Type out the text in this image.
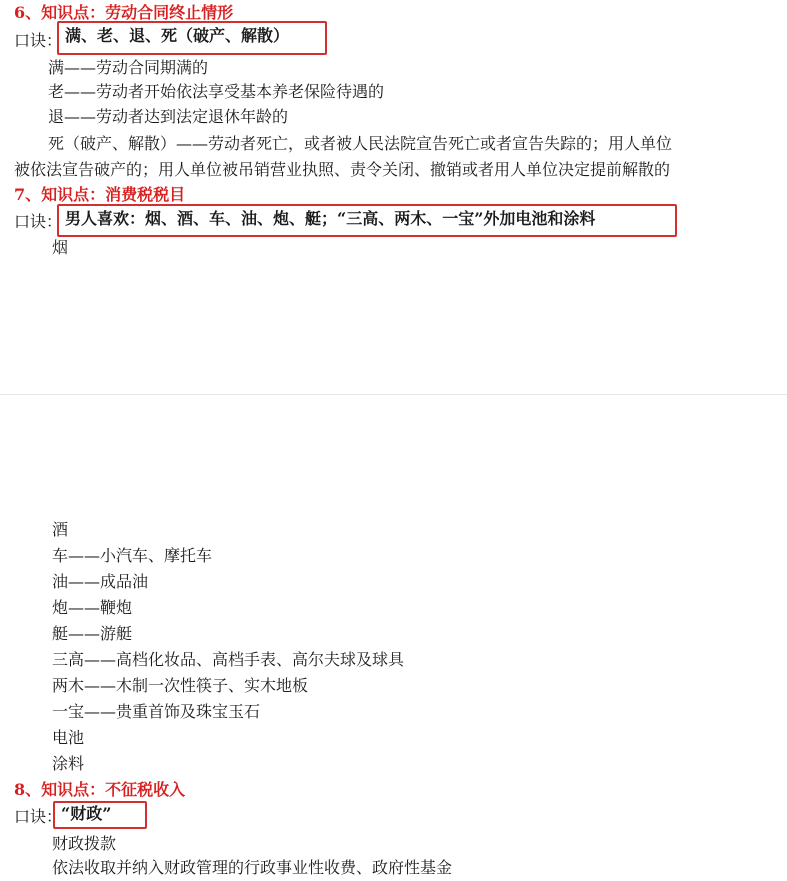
6、知识点：劳动合同终止情形
口诀： 满、老、退、死（破产、解散）
满——劳动合同期满的
老——劳动者开始依法享受基本养老保险待遇的
退——劳动者达到法定退休年龄的
死（破产、解散）——劳动者死亡，或者被人民法院宣告死亡或者宣告失踪的；用人单位
被依法宣告破产的；用人单位被吊销营业执照、责令关闭、撤销或者用人单位决定提前解散的
7、知识点：消费税税目
口诀： 男人喜欢：烟、酒、车、油、炮、艇；“三高、两木、一宝”外加电池和涂料
烟
酒
车——小汽车、摩托车
油——成品油
炮——鞭炮
艇——游艇
三高——高档化妆品、高档手表、高尔夫球及球具
两木——木制一次性筷子、实木地板
一宝——贵重首饰及珠宝玉石
电池
涂料
8、知识点：不征税收入
口诀：
“财政”
财政拨款
依法收取并纳入财政管理的行政事业性收费、政府性基金
